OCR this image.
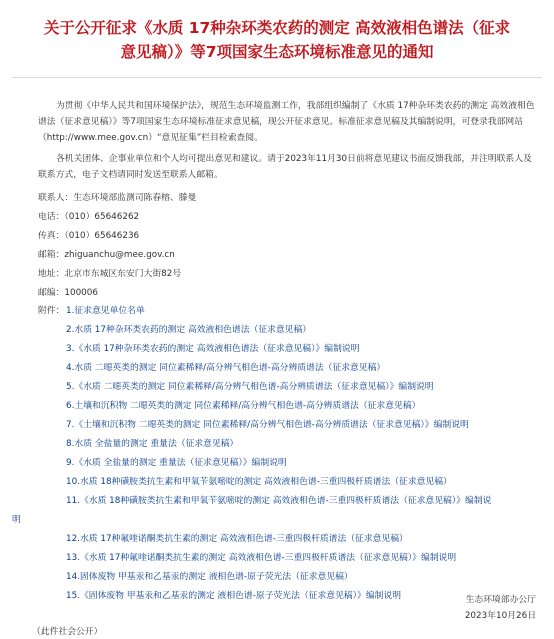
关于公开征求《水质 17种杂环类农药的测定 高效液相色谱法（征求
意见稿）》等7项国家生态环境标准意见的通知
为贯彻《中华人民共和国环境保护法》，规范生态环境监测工作，我部组织编制了《水质 17种杂环类农药的测定 高效液相色谱法（征求意见稿）》等7项国家生态环境标准征求意见稿，现公开征求意见。标准征求意见稿及其编制说明，可登录我部网站（http://www.mee.gov.cn）“意见征集”栏目检索查阅。
各机关团体、企事业单位和个人均可提出意见和建议。请于2023年11月30日前将意见建议书面反馈我部，并注明联系人及联系方式，电子文档请同时发送至联系人邮箱。
联系人：生态环境部监测司陈春榕、滕曼
电话：（010）65646262
传真：（010）65646236
邮箱：zhiguanchu@mee.gov.cn
地址：北京市东城区东安门大街82号
邮编：100006
附件： 1.征求意见单位名单
2.水质 17种杂环类农药的测定 高效液相色谱法（征求意见稿）
3.《水质 17种杂环类农药的测定 高效液相色谱法（征求意见稿）》编制说明
4.水质 二噁英类的测定 同位素稀释/高分辨气相色谱-高分辨质谱法（征求意见稿）
5.《水质 二噁英类的测定 同位素稀释/高分辨气相色谱-高分辨质谱法（征求意见稿）》编制说明
6.土壤和沉积物 二噁英类的测定 同位素稀释/高分辨气相色谱-高分辨质谱法（征求意见稿）
7.《土壤和沉积物 二噁英类的测定 同位素稀释/高分辨气相色谱-高分辨质谱法（征求意见稿）》编制说明
8.水质 全盐量的测定 重量法（征求意见稿）
9.《水质 全盐量的测定 重量法（征求意见稿）》编制说明
10.水质 18种磺胺类抗生素和甲氧苄氨嘧啶的测定 高效液相色谱-三重四极杆质谱法（征求意见稿）
11.《水质 18种磺胺类抗生素和甲氧苄氨嘧啶的测定 高效液相色谱-三重四极杆质谱法（征求意见稿）》编制说
明
12.水质 17种氟喹诺酮类抗生素的测定 高效液相色谱-三重四极杆质谱法（征求意见稿）
13.《水质 17种氟喹诺酮类抗生素的测定 高效液相色谱-三重四极杆质谱法（征求意见稿）》编制说明
14.固体废物 甲基汞和乙基汞的测定 液相色谱-原子荧光法（征求意见稿）
15.《固体废物 甲基汞和乙基汞的测定 液相色谱-原子荧光法（征求意见稿）》编制说明	生态环境部办公厅
2023年10月26日
（此件社会公开）
